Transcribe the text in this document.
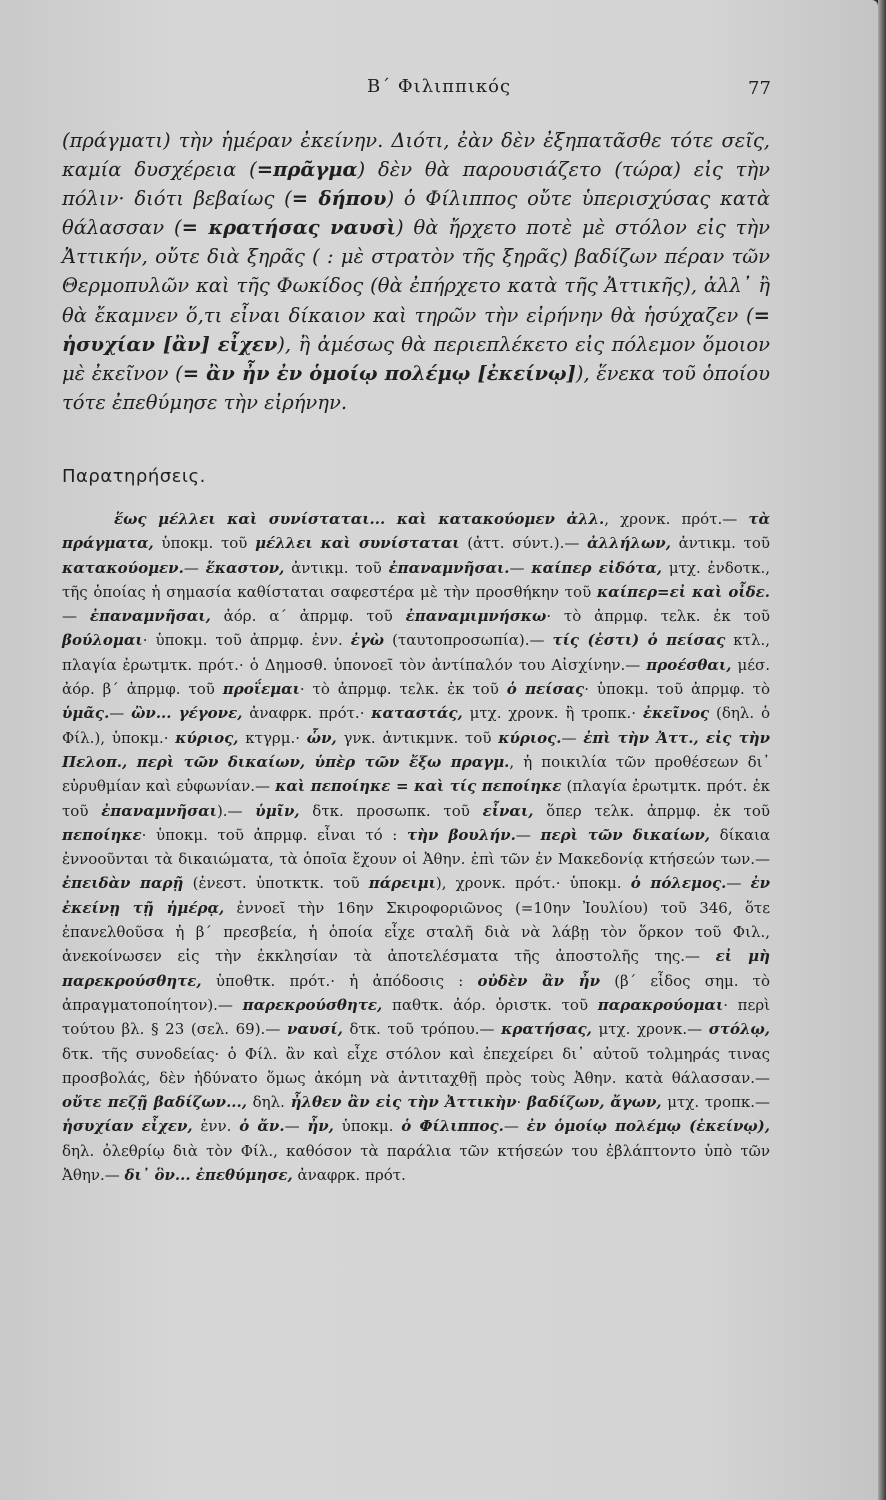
Β΄ Φιλιππικός	77

(πράγματι) τὴν ἡμέραν ἐκείνην. Διότι, ἐὰν δὲν ἐξηπατᾶσθε τότε σεῖς, καμία δυσχέρεια (=πρᾶγμα) δὲν θὰ παρουσιάζετο (τώρα) εἰς τὴν πόλιν· διότι βεβαίως (= δήπου) ὁ Φίλιππος οὔτε ὑπερισχύσας κατὰ θάλασσαν (= κρατήσας ναυσὶ) θὰ ἤρχετο ποτὲ μὲ στόλον εἰς τὴν Ἀττικήν, οὔτε διὰ ξηρᾶς ( : μὲ στρατὸν τῆς ξηρᾶς) βαδίζων πέραν τῶν Θερμοπυλῶν καὶ τῆς Φωκίδος (θὰ ἐπήρχετο κατὰ τῆς Ἀττικῆς), ἀλλ᾽ ἢ θὰ ἔκαμνεν ὅ,τι εἶναι δίκαιον καὶ τηρῶν τὴν εἰρήνην θὰ ἡσύχαζεν (= ἡσυχίαν [ἂν] εἶχεν), ἢ ἀμέσως θὰ περιεπλέκετο εἰς πόλεμον ὅμοιον μὲ ἐκεῖνον (= ἂν ἦν ἐν ὁμοίῳ πολέμῳ [ἐκείνῳ]), ἕνεκα τοῦ ὁποίου τότε ἐπεθύμησε τὴν εἰρήνην.

Παρατηρήσεις.

ἕως μέλλει καὶ συνίσταται... καὶ κατακούομεν ἀλλ., χρονκ. πρότ.— τὰ πράγματα, ὑποκμ. τοῦ μέλλει καὶ συνίσταται (ἀττ. σύντ.).— ἀλλήλων, ἀντικμ. τοῦ κατακούομεν.— ἕκαστον, ἀντικμ. τοῦ ἐπαναμνῆσαι.— καίπερ εἰδότα, μτχ. ἐνδοτκ., τῆς ὁποίας ἡ σημασία καθίσταται σαφεστέρα μὲ τὴν προσθήκην τοῦ καίπερ=εἰ καὶ οἶδε.— ἐπαναμνῆσαι, ἀόρ. α΄ ἀπρμφ. τοῦ ἐπαναμιμνήσκω· τὸ ἀπρμφ. τελκ. ἐκ τοῦ βούλομαι· ὑποκμ. τοῦ ἀπρμφ. ἐνν. ἐγὼ (ταυτοπροσωπία).— τίς (ἐστι) ὁ πείσας κτλ., πλαγία ἐρωτμτκ. πρότ.· ὁ Δημοσθ. ὑπονοεῖ τὸν ἀντίπαλόν του Αἰσχίνην.— προέσθαι, μέσ. ἀόρ. β΄ ἀπρμφ. τοῦ προΐεμαι· τὸ ἀπρμφ. τελκ. ἐκ τοῦ ὁ πείσας· ὑποκμ. τοῦ ἀπρμφ. τὸ ὑμᾶς.— ὢν... γέγονε, ἀναφρκ. πρότ.· καταστάς, μτχ. χρονκ. ἢ τροπκ.· ἐκεῖνος (δηλ. ὁ Φίλ.), ὑποκμ.· κύριος, κτγρμ.· ὧν, γνκ. ἀντικμνκ. τοῦ κύριος.— ἐπὶ τὴν Ἀττ., εἰς τὴν Πελοπ., περὶ τῶν δικαίων, ὑπὲρ τῶν ἔξω πραγμ., ἡ ποικιλία τῶν προθέσεων δι᾽ εὐρυθμίαν καὶ εὐφωνίαν.— καὶ πεποίηκε = καὶ τίς πεποίηκε (πλαγία ἐρωτμτκ. πρότ. ἐκ τοῦ ἐπαναμνῆσαι).— ὑμῖν, δτκ. προσωπκ. τοῦ εἶναι, ὅπερ τελκ. ἀπρμφ. ἐκ τοῦ πεποίηκε· ὑποκμ. τοῦ ἀπρμφ. εἶναι τό : τὴν βουλήν.— περὶ τῶν δικαίων, δίκαια ἐννοοῦνται τὰ δικαιώματα, τὰ ὁποῖα ἔχουν οἱ Ἀθην. ἐπὶ τῶν ἐν Μακεδονίᾳ κτήσεών των.— ἐπειδὰν παρῇ (ἐνεστ. ὑποτκτκ. τοῦ πάρειμι), χρονκ. πρότ.· ὑποκμ. ὁ πόλεμος.— ἐν ἐκείνῃ τῇ ἡμέρᾳ, ἐννοεῖ τὴν 16ην Σκιροφοριῶνος (=10ην Ἰουλίου) τοῦ 346, ὅτε ἐπανελθοῦσα ἡ β΄ πρεσβεία, ἡ ὁποία εἶχε σταλῆ διὰ νὰ λάβῃ τὸν ὅρκον τοῦ Φιλ., ἀνεκοίνωσεν εἰς τὴν ἐκκλησίαν τὰ ἀποτελέσματα τῆς ἀποστολῆς της.— εἰ μὴ παρεκρούσθητε, ὑποθτκ. πρότ.· ἡ ἀπόδοσις : οὐδὲν ἂν ἦν (β΄ εἶδος σημ. τὸ ἀπραγματοποίητον).— παρεκρούσθητε, παθτκ. ἀόρ. ὁριστκ. τοῦ παρακρούομαι· περὶ τούτου βλ. § 23 (σελ. 69).— ναυσί, δτκ. τοῦ τρόπου.— κρατήσας, μτχ. χρονκ.— στόλῳ, δτκ. τῆς συνοδείας· ὁ Φίλ. ἂν καὶ εἶχε στόλον καὶ ἐπεχείρει δι᾽ αὐτοῦ τολμηράς τινας προσβολάς, δὲν ἠδύνατο ὅμως ἀκόμη νὰ ἀντιταχθῇ πρὸς τοὺς Ἀθην. κατὰ θάλασσαν.— οὔτε πεζῇ βαδίζων..., δηλ. ἦλθεν ἂν εἰς τὴν Ἀττικὴν· βαδίζων, ἄγων, μτχ. τροπκ.— ἡσυχίαν εἶχεν, ἐνν. ὁ ἄν.— ἦν, ὑποκμ. ὁ Φίλιππος.— ἐν ὁμοίῳ πολέμῳ (ἐκείνῳ), δηλ. ὀλεθρίῳ διὰ τὸν Φίλ., καθόσον τὰ παράλια τῶν κτήσεών του ἐβλάπτοντο ὑπὸ τῶν Ἀθην.— δι᾽ ὃν... ἐπεθύμησε, ἀναφρκ. πρότ.
